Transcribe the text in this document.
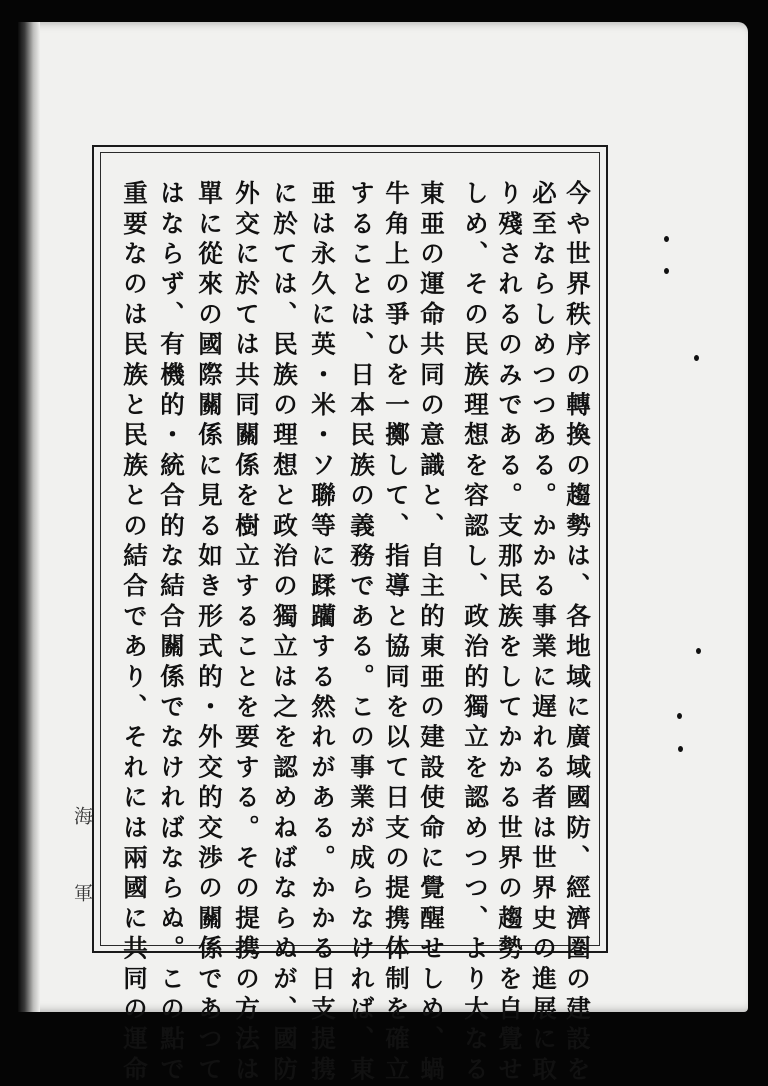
今や世界秩序の轉換の趨勢は、各地域に廣域國防、經濟圏の建設を
必至ならしめつつある。かかる事業に遅れる者は世界史の進展に取
り殘されるのみである。支那民族をしてかかる世界の趨勢を自覺せ
しめ、その民族理想を容認し、政治的獨立を認めつつ、より大なる
東亜の運命共同の意識と、自主的東亜の建設使命に覺醒せしめ、蝸
牛角上の爭ひを一擲して、指導と協同を以て日支の提携体制を確立
することは、日本民族の義務である。この事業が成らなければ、東
亜は永久に英・米・ソ聯等に蹂躪する然れがある。かかる日支提携
に於ては、民族の理想と政治の獨立は之を認めねばならぬが、國防
外交に於ては共同關係を樹立することを要する。その提携の方法は
單に從來の國際關係に見る如き形式的・外交的交渉の關係であつて
はならず、有機的・統合的な結合關係でなければならぬ。この點で
重要なのは民族と民族との結合であり、それには兩國に共同の運命
海軍
